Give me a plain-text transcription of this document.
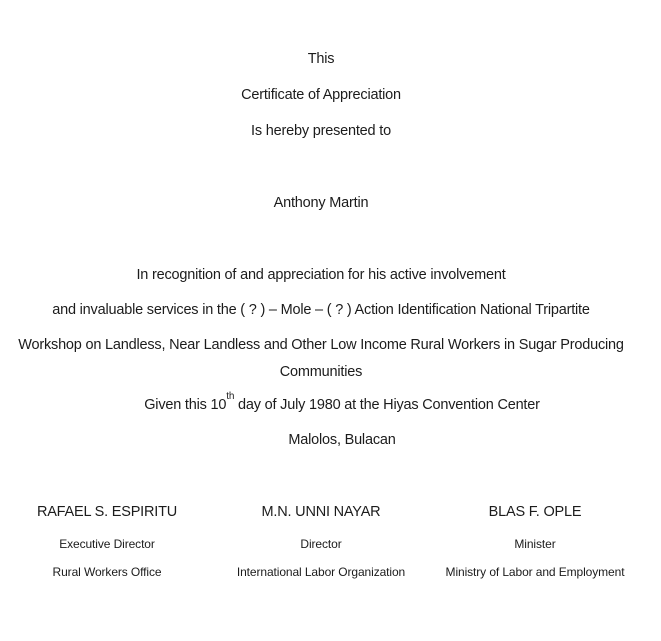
This
Certificate of Appreciation
Is hereby presented to
Anthony Martin
In recognition of and appreciation for his active involvement
and invaluable services in the ( ? ) – Mole – ( ? ) Action Identification National Tripartite
Workshop on Landless, Near Landless and Other Low Income Rural Workers in Sugar Producing
Communities
Given this 10th day of July 1980 at the Hiyas Convention Center
Malolos, Bulacan
RAFAEL S. ESPIRITU
Executive Director
Rural Workers Office
M.N. UNNI NAYAR
Director
International Labor Organization
BLAS F. OPLE
Minister
Ministry of Labor and Employment
